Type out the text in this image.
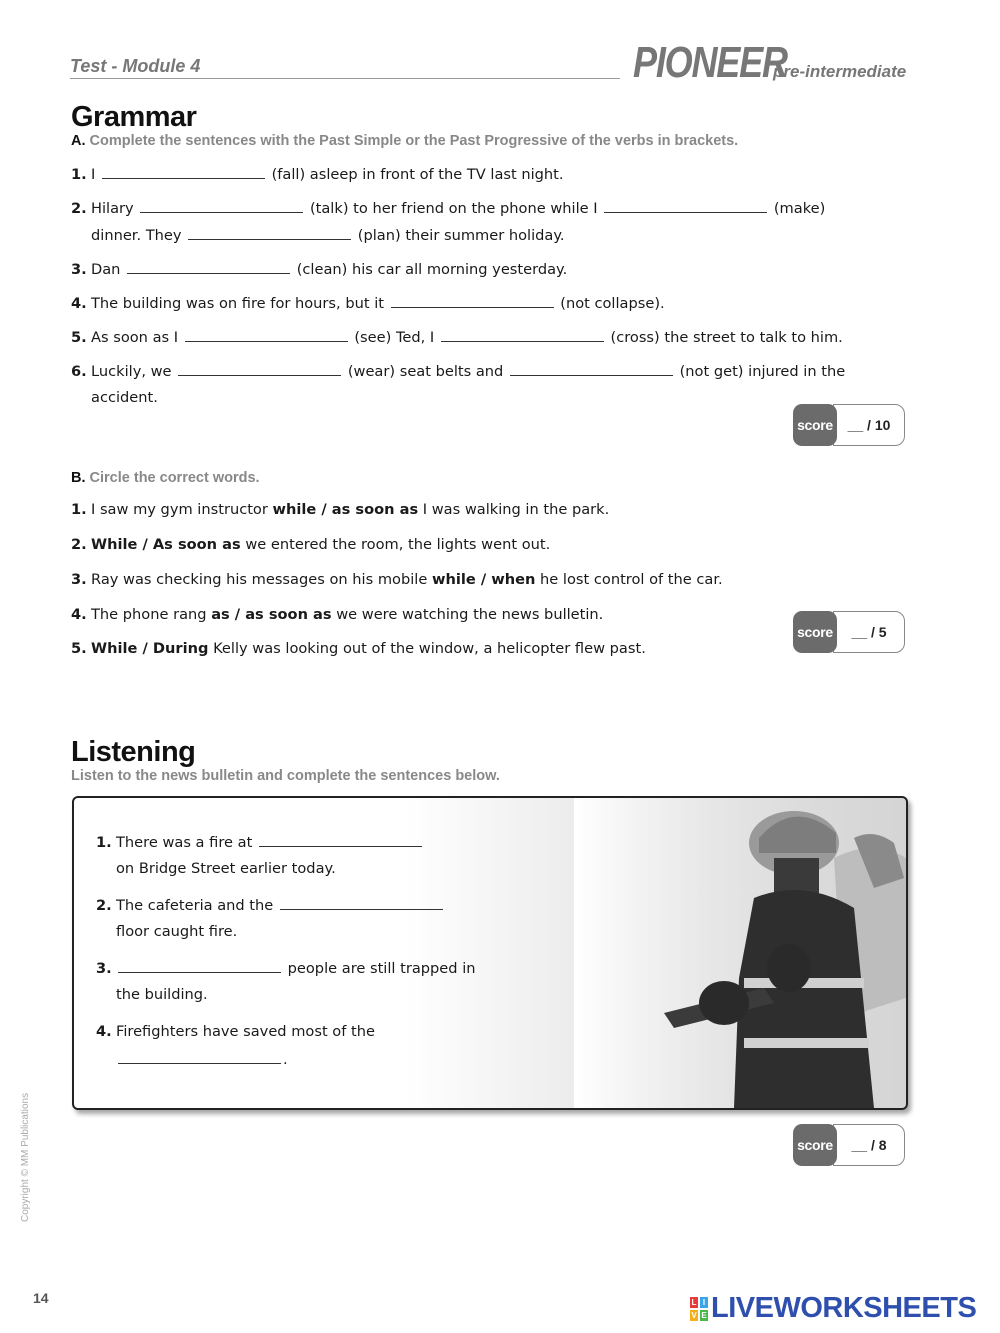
Test - Module 4	PIONEER
pre-intermediate
Grammar
A. Complete the sentences with the Past Simple or the Past Progressive of the verbs in brackets.
1. I	(fall) asleep in front of the TV last night.
2. Hilary	(talk) to her friend on the phone while I	(make)
dinner. They	(plan) their summer holiday.
3. Dan	(clean) his car all morning yesterday.
4. The building was on fire for hours, but it	(not collapse).
5. As soon as I	(see) Ted, I	(cross) the street to talk to him.
6. Luckily, we	(wear) seat belts and	(not get) injured in the
accident.
score	__ / 10
B. Circle the correct words.
1. I saw my gym instructor while / as soon as I was walking in the park.
2. While / As soon as we entered the room, the lights went out.
3. Ray was checking his messages on his mobile while / when he lost control of the car.
4. The phone rang as / as soon as we were watching the news bulletin.
5. While / During Kelly was looking out of the window, a helicopter flew past.
score	__ / 5
Listening
Listen to the news bulletin and complete the sentences below.
1. There was a fire at
on Bridge Street earlier today.
2. The cafeteria and the
floor caught fire.
3.	people are still trapped in
the building.
4. Firefighters have saved most of the
.
score	__ / 8
Copyright © MM Publications
14	L I
V E LIVEWORKSHEETS
